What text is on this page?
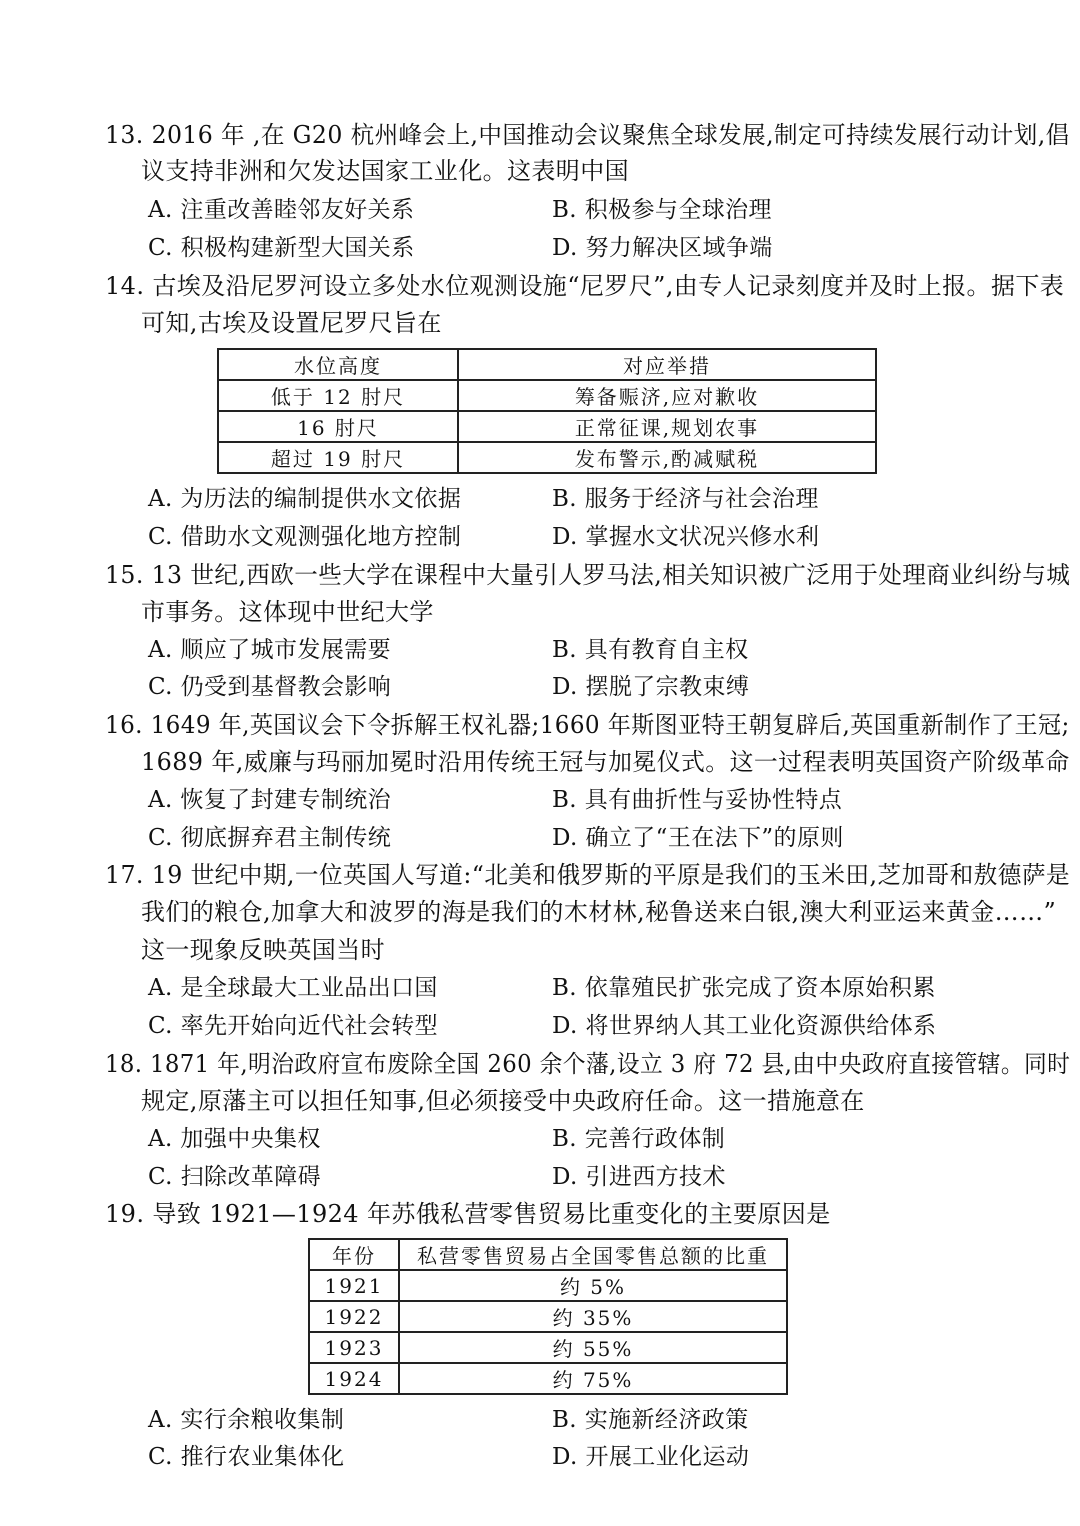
13. 2016 年 ,在 G20 杭州峰会上,中国推动会议聚焦全球发展,制定可持续发展行动计划,倡
议支持非洲和欠发达国家工业化。这表明中国
A. 注重改善睦邻友好关系	B. 积极参与全球治理
C. 积极构建新型大国关系	D. 努力解决区域争端
14. 古埃及沿尼罗河设立多处水位观测设施“尼罗尺”,由专人记录刻度并及时上报。据下表
可知,古埃及设置尼罗尺旨在
水位高度	对应举措
低于 12 肘尺	筹备赈济,应对歉收
16 肘尺	正常征课,规划农事
超过 19 肘尺	发布警示,酌减赋税
A. 为历法的编制提供水文依据	B. 服务于经济与社会治理
C. 借助水文观测强化地方控制	D. 掌握水文状况兴修水利
15. 13 世纪,西欧一些大学在课程中大量引人罗马法,相关知识被广泛用于处理商业纠纷与城
市事务。这体现中世纪大学
A. 顺应了城市发展需要	B. 具有教育自主权
C. 仍受到基督教会影响	D. 摆脱了宗教束缚
16. 1649 年,英国议会下令拆解王权礼器;1660 年斯图亚特王朝复辟后,英国重新制作了王冠;
1689 年,威廉与玛丽加冕时沿用传统王冠与加冕仪式。这一过程表明英国资产阶级革命
A. 恢复了封建专制统治	B. 具有曲折性与妥协性特点
C. 彻底摒弃君主制传统	D. 确立了“王在法下”的原则
17. 19 世纪中期,一位英国人写道:“北美和俄罗斯的平原是我们的玉米田,芝加哥和敖德萨是
我们的粮仓,加拿大和波罗的海是我们的木材林,秘鲁送来白银,澳大利亚运来黄金……”
这一现象反映英国当时
A. 是全球最大工业品出口国	B. 依靠殖民扩张完成了资本原始积累
C. 率先开始向近代社会转型	D. 将世界纳人其工业化资源供给体系
18. 1871 年,明治政府宣布废除全国 260 余个藩,设立 3 府 72 县,由中央政府直接管辖。同时
规定,原藩主可以担任知事,但必须接受中央政府任命。这一措施意在
A. 加强中央集权	B. 完善行政体制
C. 扫除改革障碍	D. 引进西方技术
19. 导致 1921—1924 年苏俄私营零售贸易比重变化的主要原因是
年份	私营零售贸易占全国零售总额的比重
1921	约 5%
1922	约 35%
1923	约 55%
1924	约 75%
A. 实行余粮收集制	B. 实施新经济政策
C. 推行农业集体化	D. 开展工业化运动
